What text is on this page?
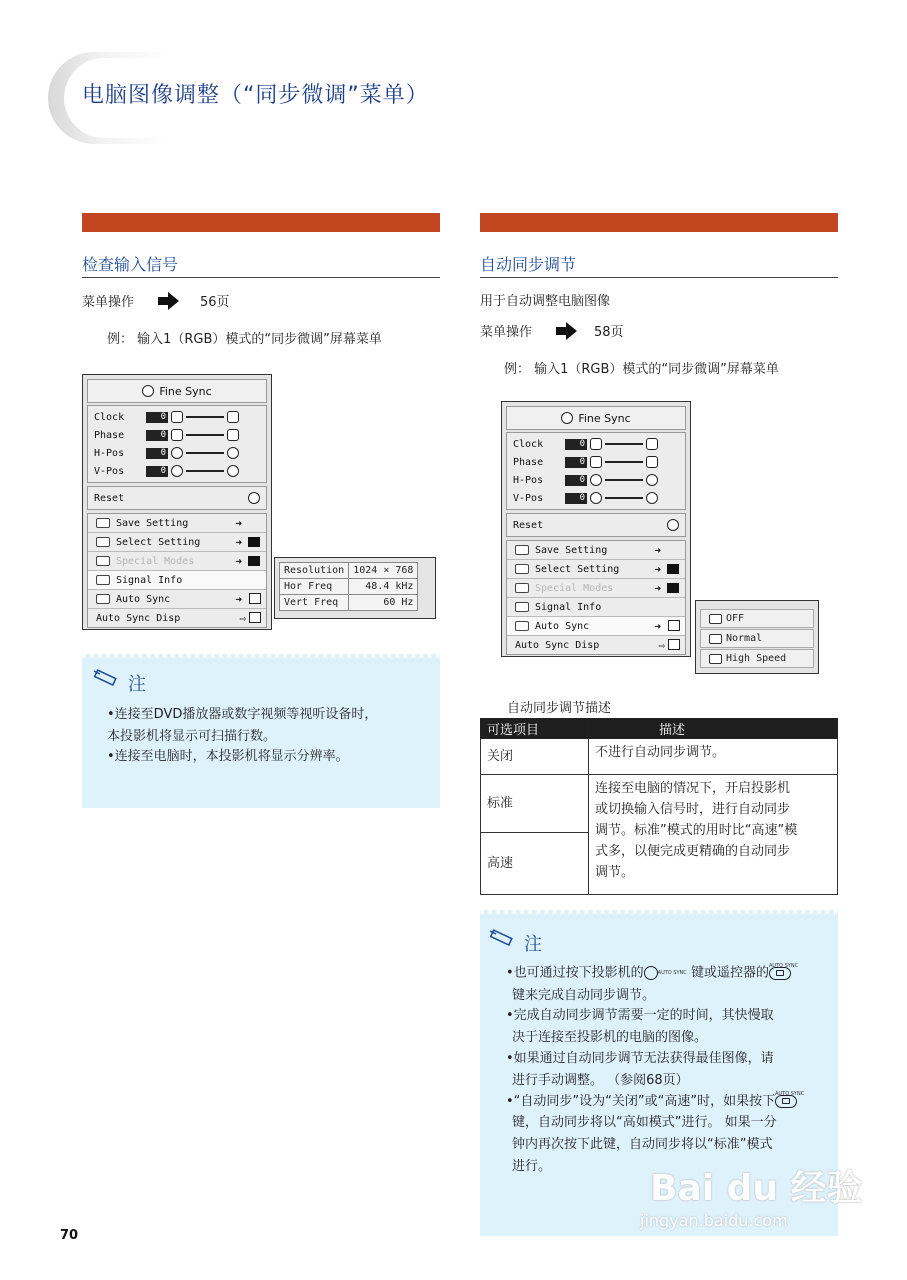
电脑图像调整（“同步微调”菜单）
检查输入信号
菜单操作	56页
例： 输入1（RGB）模式的“同步微调”屏幕菜单
Fine Sync
Clock	0
Phase	0
H-Pos	0
V-Pos	0
Reset
Save Setting	➜
Select Setting	➜
Special Modes	➜
Signal Info
Auto Sync	➜
Auto Sync Disp	⇨
Resolution	1024 × 768
Hor Freq	48.4 kHz
Vert Freq	60 Hz
注
•连接至DVD播放器或数字视频等视听设备时，
本投影机将显示可扫描行数。
•连接至电脑时，本投影机将显示分辨率。
自动同步调节
用于自动调整电脑图像
菜单操作	58页
例： 输入1（RGB）模式的“同步微调”屏幕菜单
Fine Sync
Clock	0
Phase	0
H-Pos	0
V-Pos	0
Reset
Save Setting	➜
Select Setting	➜
Special Modes	➜
Signal Info
Auto Sync	➜
Auto Sync Disp	⇨
OFF
Normal
High Speed
自动同步调节描述
可选项目	描述
关闭	不进行自动同步调节。
标准	连接至电脑的情况下，开启投影机
或切换输入信号时，进行自动同步
调节。标准”模式的用时比“高速”模
式多，以便完成更精确的自动同步
调节。

高速	
注
•也可通过按下投影机的	AUTO SYNC 键或遥控器的 AUTO SYNC
键来完成自动同步调节。
•完成自动同步调节需要一定的时间，其快慢取
决于连接至投影机的电脑的图像。
•如果通过自动同步调节无法获得最佳图像，请
进行手动调整。 （参阅68页）
•“自动同步”设为“关闭”或“高速”时，如果按下 AUTO SYNC
键，自动同步将以“高如模式”进行。 如果一分
钟内再次按下此键，自动同步将以“标准”模式
进行。
70
Bai du 经验
jingyan.baidu.com
